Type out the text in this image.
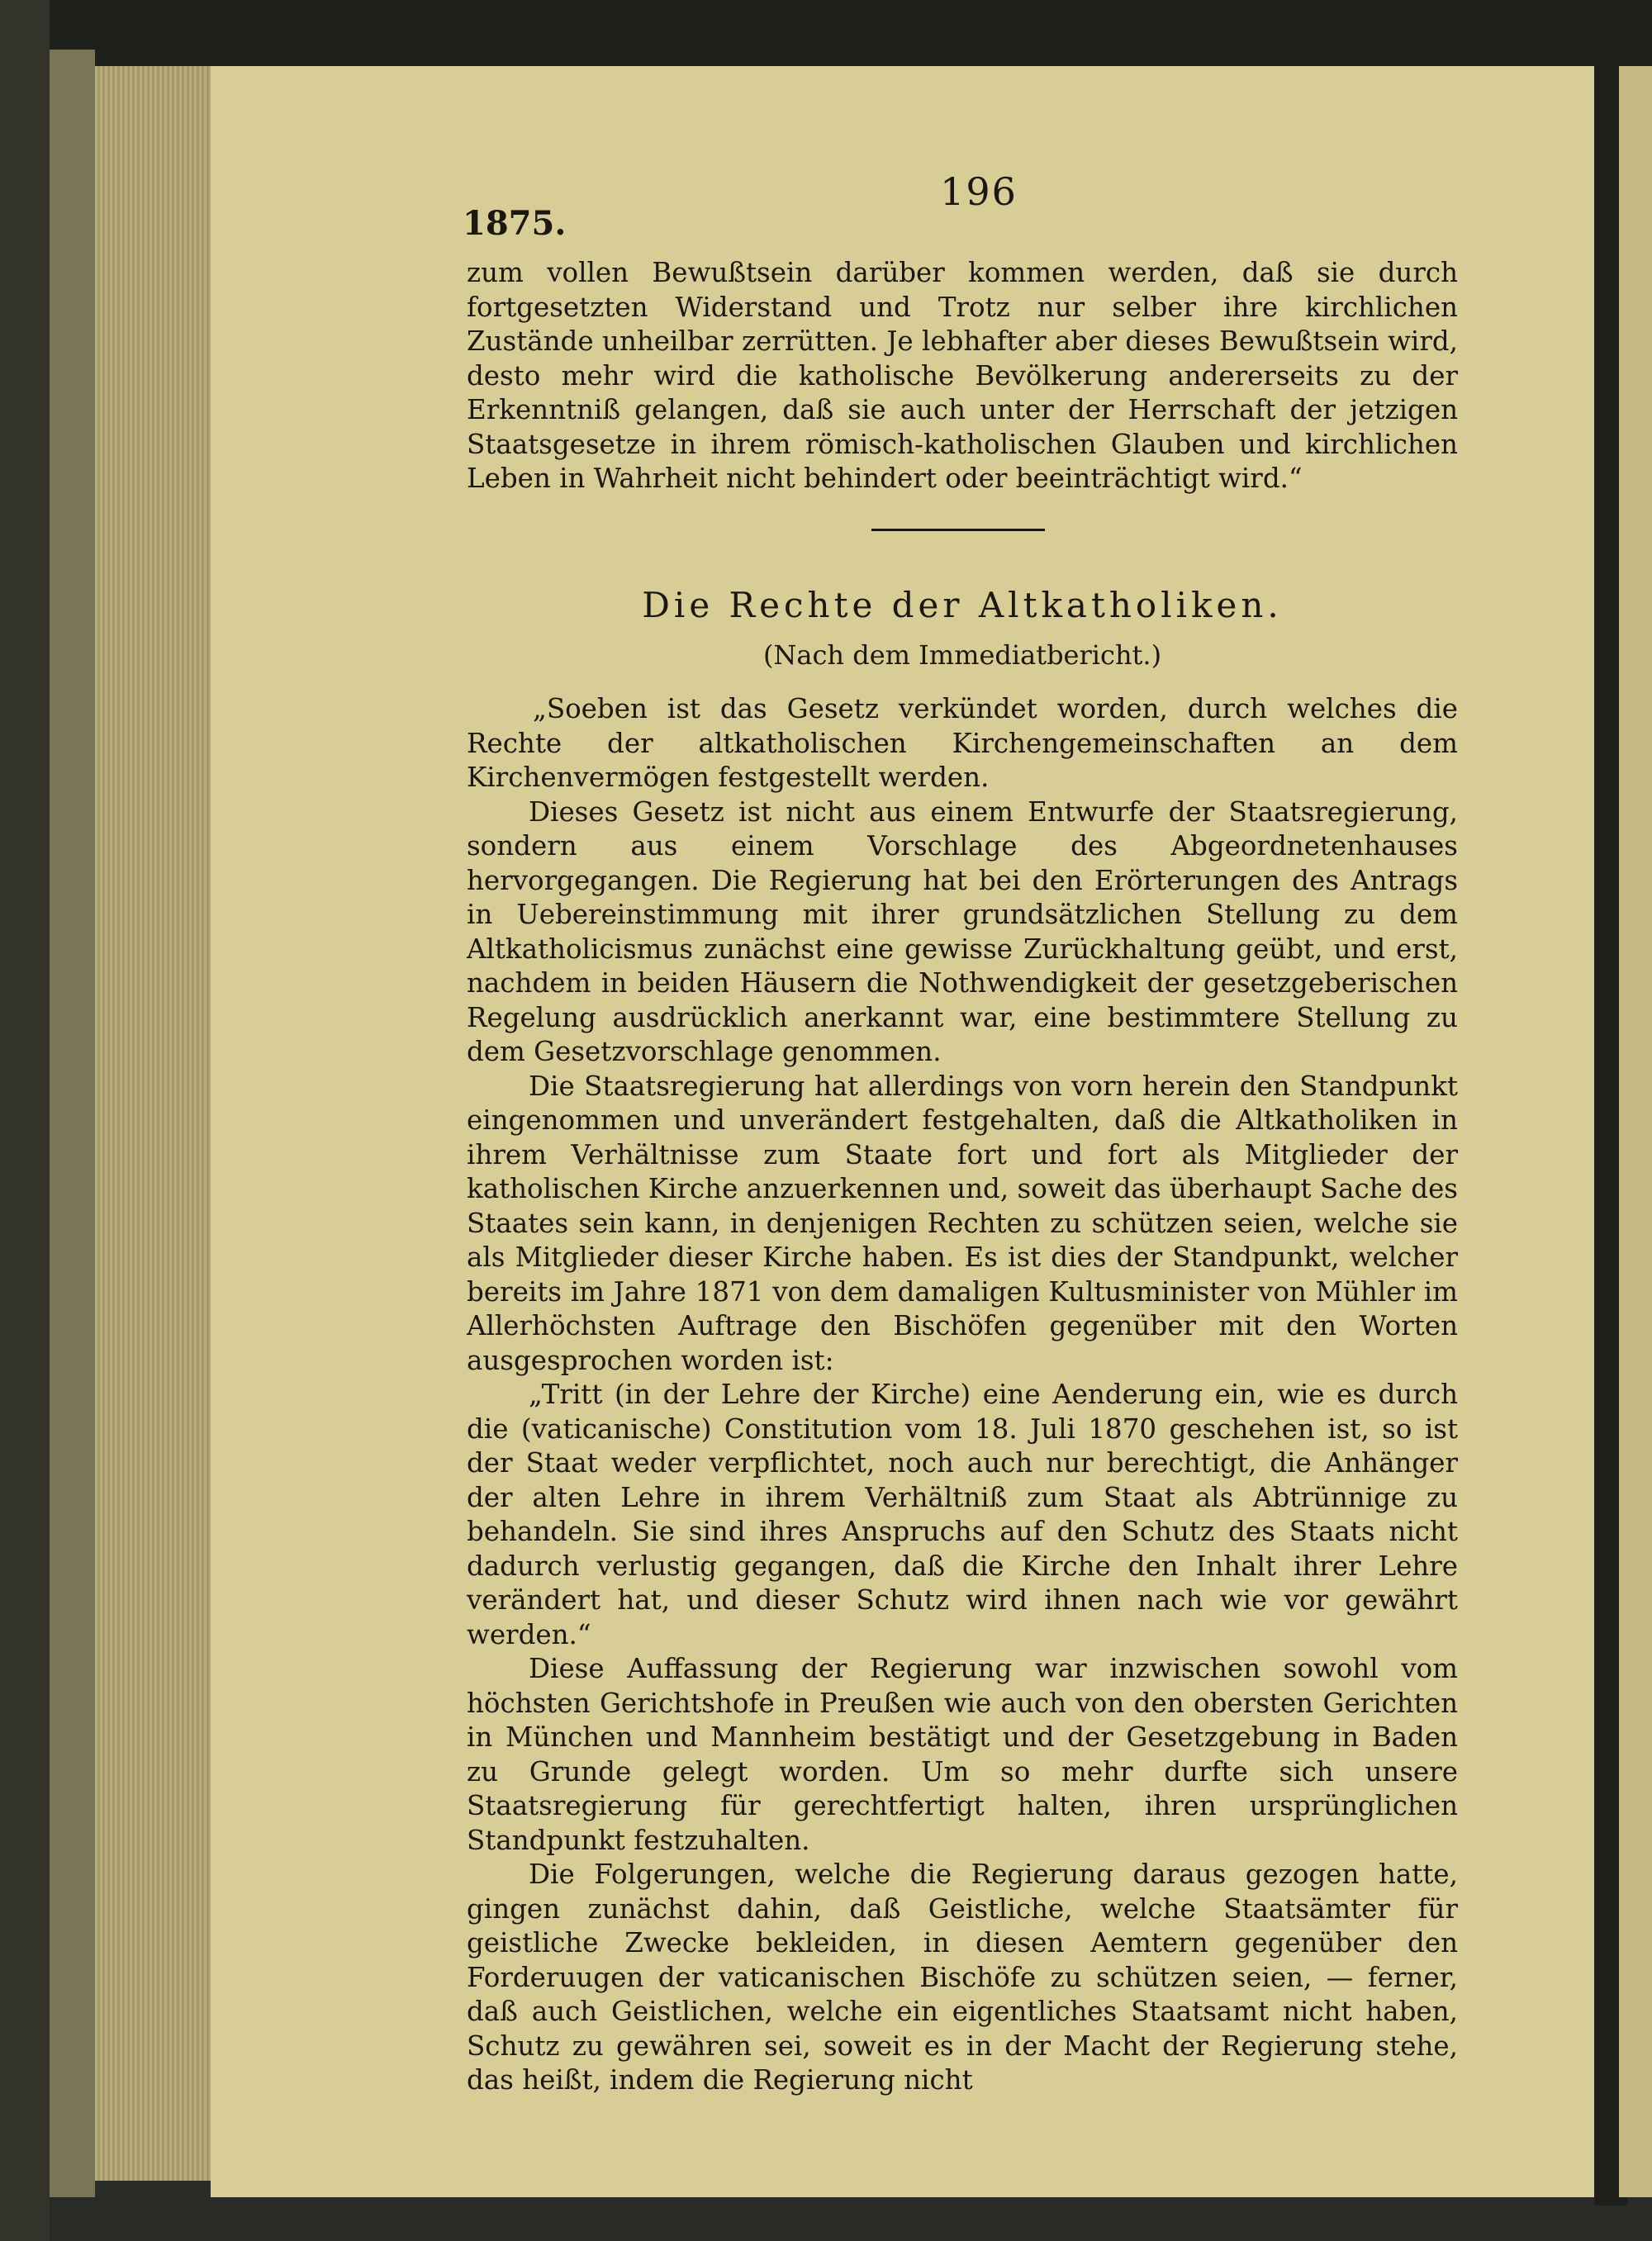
196
1875.

zum vollen Bewußtsein darüber kommen werden, daß sie durch fortgesetzten Widerstand und Trotz nur selber ihre kirchlichen Zustände unheilbar zerrütten. Je lebhafter aber dieses Bewußtsein wird, desto mehr wird die katholische Bevölkerung andererseits zu der Erkenntniß gelangen, daß sie auch unter der Herrschaft der jetzigen Staatsgesetze in ihrem römisch-katholischen Glauben und kirchlichen Leben in Wahrheit nicht behindert oder beeinträchtigt wird.“

Die Rechte der Altkatholiken.
(Nach dem Immediatbericht.)

„Soeben ist das Gesetz verkündet worden, durch welches die Rechte der altkatholischen Kirchengemeinschaften an dem Kirchenvermögen festgestellt werden.

Dieses Gesetz ist nicht aus einem Entwurfe der Staatsregierung, sondern aus einem Vorschlage des Abgeordnetenhauses hervorgegangen. Die Regierung hat bei den Erörterungen des Antrags in Uebereinstimmung mit ihrer grundsätzlichen Stellung zu dem Altkatholicismus zunächst eine gewisse Zurückhaltung geübt, und erst, nachdem in beiden Häusern die Nothwendigkeit der gesetzgeberischen Regelung ausdrücklich anerkannt war, eine bestimmtere Stellung zu dem Gesetzvorschlage genommen.

Die Staatsregierung hat allerdings von vorn herein den Standpunkt eingenommen und unverändert festgehalten, daß die Altkatholiken in ihrem Verhältnisse zum Staate fort und fort als Mitglieder der katholischen Kirche anzuerkennen und, soweit das überhaupt Sache des Staates sein kann, in denjenigen Rechten zu schützen seien, welche sie als Mitglieder dieser Kirche haben. Es ist dies der Standpunkt, welcher bereits im Jahre 1871 von dem damaligen Kultusminister von Mühler im Allerhöchsten Auftrage den Bischöfen gegenüber mit den Worten ausgesprochen worden ist:

„Tritt (in der Lehre der Kirche) eine Aenderung ein, wie es durch die (vaticanische) Constitution vom 18. Juli 1870 geschehen ist, so ist der Staat weder verpflichtet, noch auch nur berechtigt, die Anhänger der alten Lehre in ihrem Verhältniß zum Staat als Abtrünnige zu behandeln. Sie sind ihres Anspruchs auf den Schutz des Staats nicht dadurch verlustig gegangen, daß die Kirche den Inhalt ihrer Lehre verändert hat, und dieser Schutz wird ihnen nach wie vor gewährt werden.“

Diese Auffassung der Regierung war inzwischen sowohl vom höchsten Gerichtshofe in Preußen wie auch von den obersten Gerichten in München und Mannheim bestätigt und der Gesetzgebung in Baden zu Grunde gelegt worden. Um so mehr durfte sich unsere Staatsregierung für gerechtfertigt halten, ihren ursprünglichen Standpunkt festzuhalten.

Die Folgerungen, welche die Regierung daraus gezogen hatte, gingen zunächst dahin, daß Geistliche, welche Staatsämter für geistliche Zwecke bekleiden, in diesen Aemtern gegenüber den Forderuugen der vaticanischen Bischöfe zu schützen seien, — ferner, daß auch Geistlichen, welche ein eigentliches Staatsamt nicht haben, Schutz zu gewähren sei, soweit es in der Macht der Regierung stehe, das heißt, indem die Regierung nicht
